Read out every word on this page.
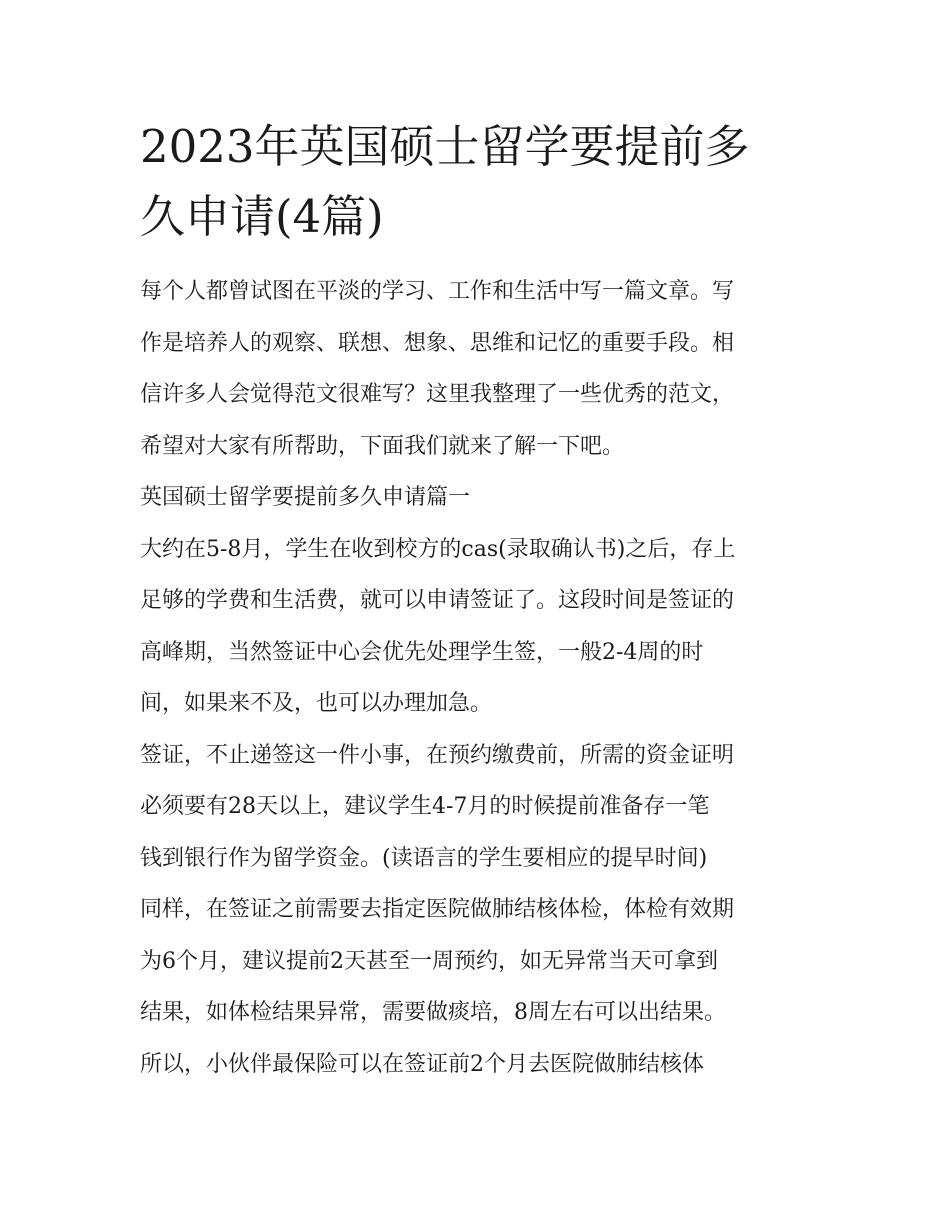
2023年英国硕士留学要提前多
久申请(4篇)

每个人都曾试图在平淡的学习、工作和生活中写一篇文章。写
作是培养人的观察、联想、想象、思维和记忆的重要手段。相
信许多人会觉得范文很难写？这里我整理了一些优秀的范文，
希望对大家有所帮助，下面我们就来了解一下吧。

英国硕士留学要提前多久申请篇一

大约在5-8月，学生在收到校方的cas(录取确认书)之后，存上
足够的学费和生活费，就可以申请签证了。这段时间是签证的
高峰期，当然签证中心会优先处理学生签，一般2-4周的时
间，如果来不及，也可以办理加急。

签证，不止递签这一件小事，在预约缴费前，所需的资金证明
必须要有28天以上，建议学生4-7月的时候提前准备存一笔
钱到银行作为留学资金。(读语言的学生要相应的提早时间)

同样，在签证之前需要去指定医院做肺结核体检，体检有效期
为6个月，建议提前2天甚至一周预约，如无异常当天可拿到
结果，如体检结果异常，需要做痰培，8周左右可以出结果。

所以，小伙伴最保险可以在签证前2个月去医院做肺结核体
